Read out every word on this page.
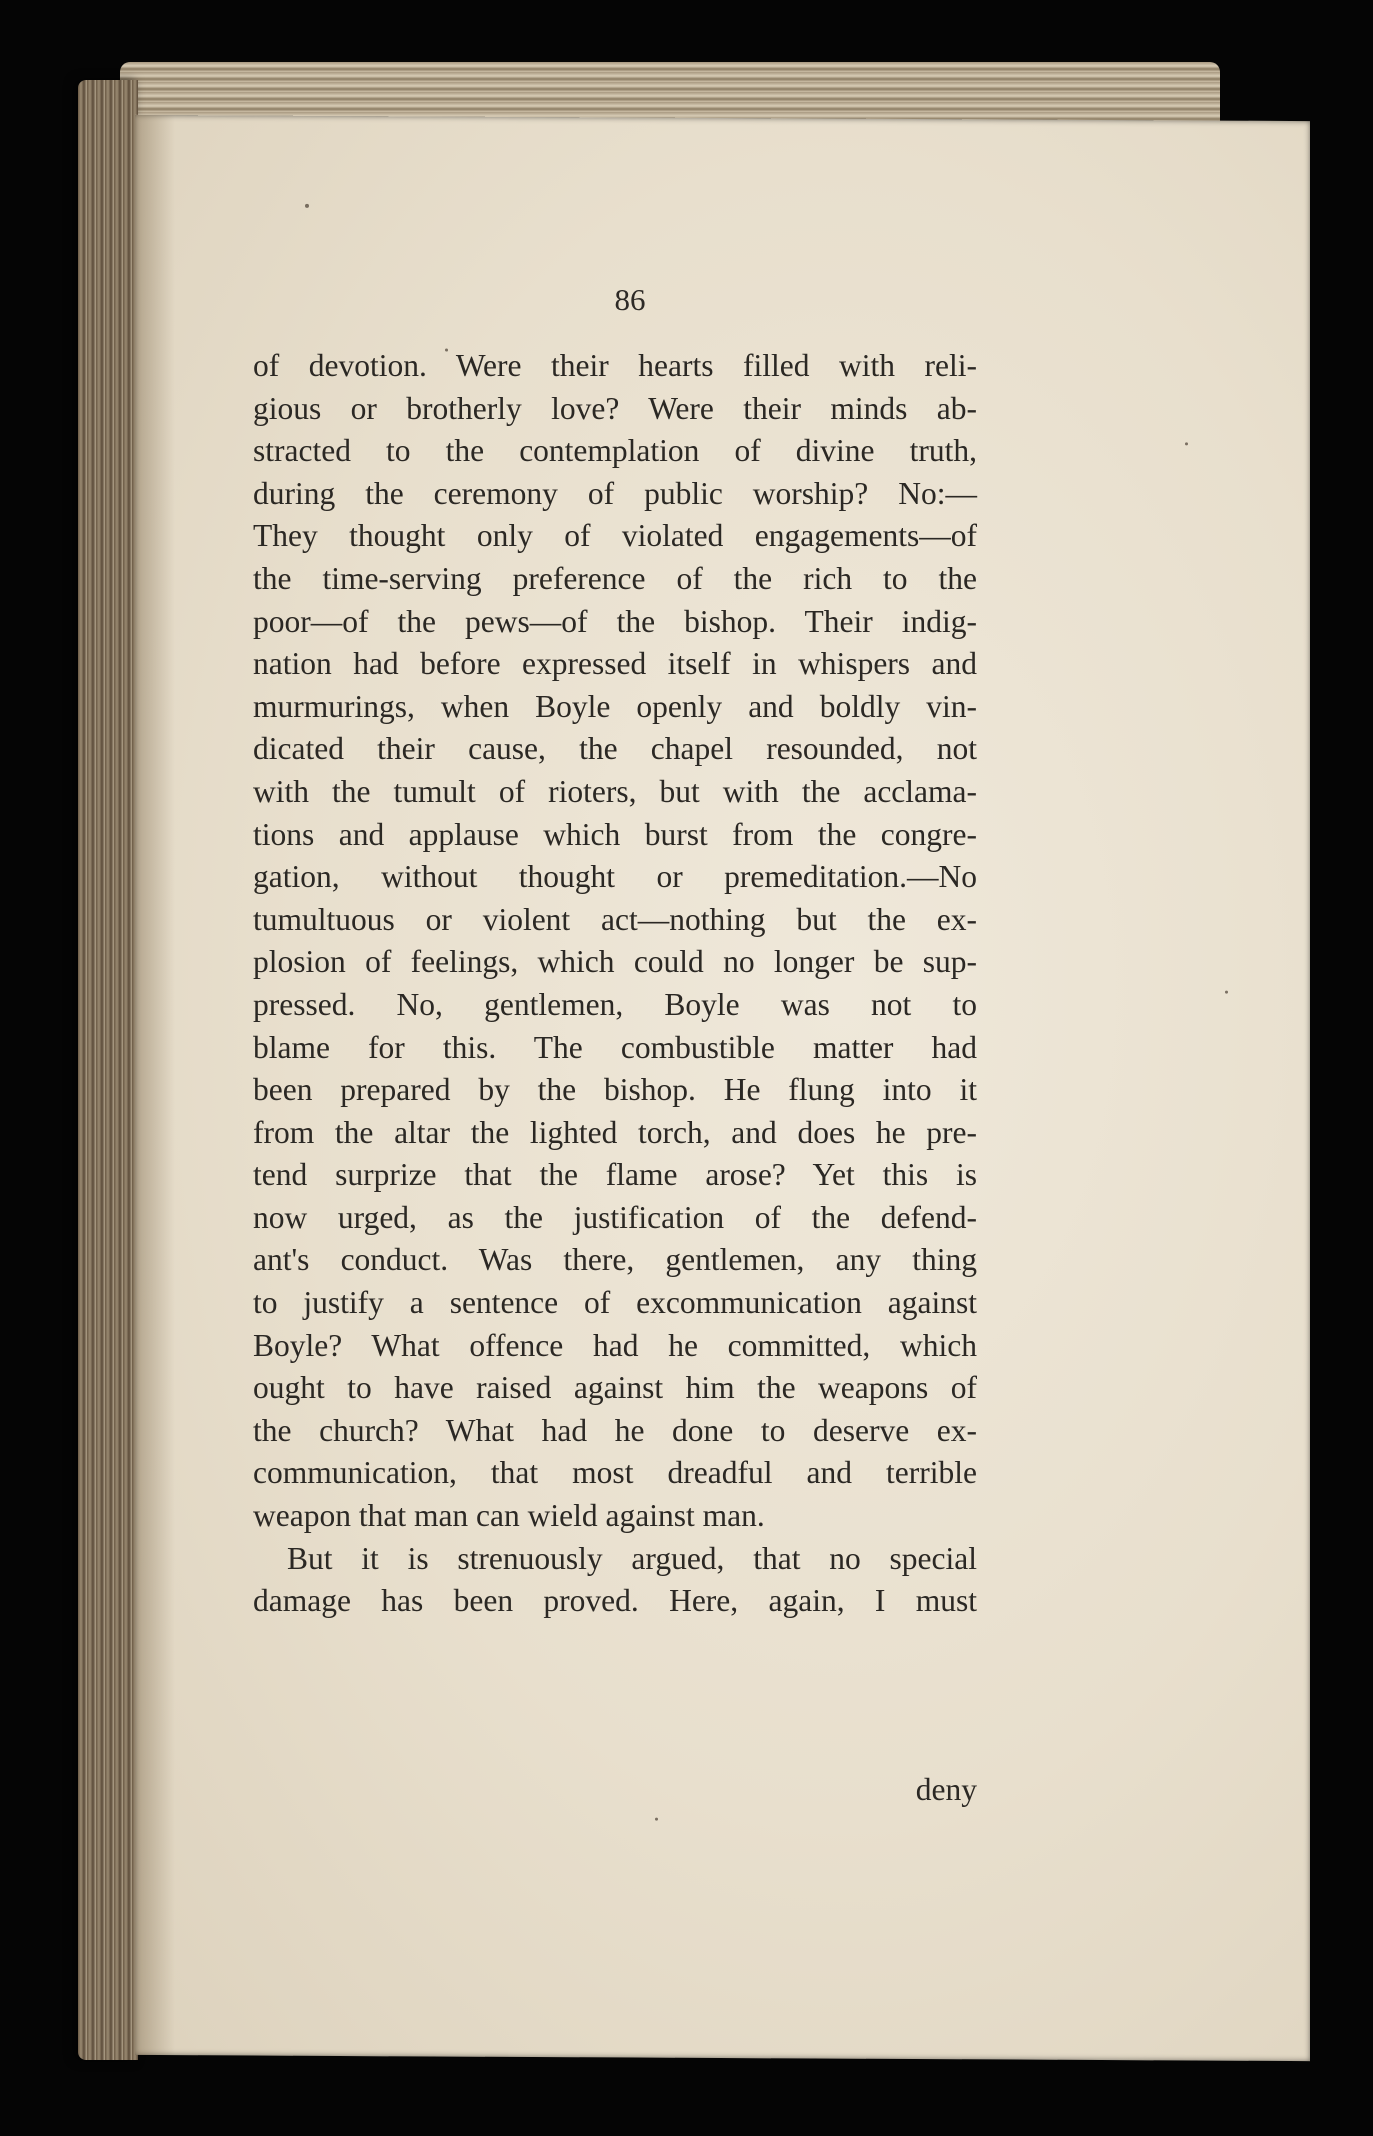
86
of devotion. Were their hearts filled with reli-
gious or brotherly love? Were their minds ab-
stracted to the contemplation of divine truth,
during the ceremony of public worship? No:—
They thought only of violated engagements—of
the time-serving preference of the rich to the
poor—of the pews—of the bishop. Their indig-
nation had before expressed itself in whispers and
murmurings, when Boyle openly and boldly vin-
dicated their cause, the chapel resounded, not
with the tumult of rioters, but with the acclama-
tions and applause which burst from the congre-
gation, without thought or premeditation.—No
tumultuous or violent act—nothing but the ex-
plosion of feelings, which could no longer be sup-
pressed. No, gentlemen, Boyle was not to
blame for this. The combustible matter had
been prepared by the bishop. He flung into it
from the altar the lighted torch, and does he pre-
tend surprize that the flame arose? Yet this is
now urged, as the justification of the defend-
ant's conduct. Was there, gentlemen, any thing
to justify a sentence of excommunication against
Boyle? What offence had he committed, which
ought to have raised against him the weapons of
the church? What had he done to deserve ex-
communication, that most dreadful and terrible
weapon that man can wield against man.
But it is strenuously argued, that no special
damage has been proved. Here, again, I must
deny
